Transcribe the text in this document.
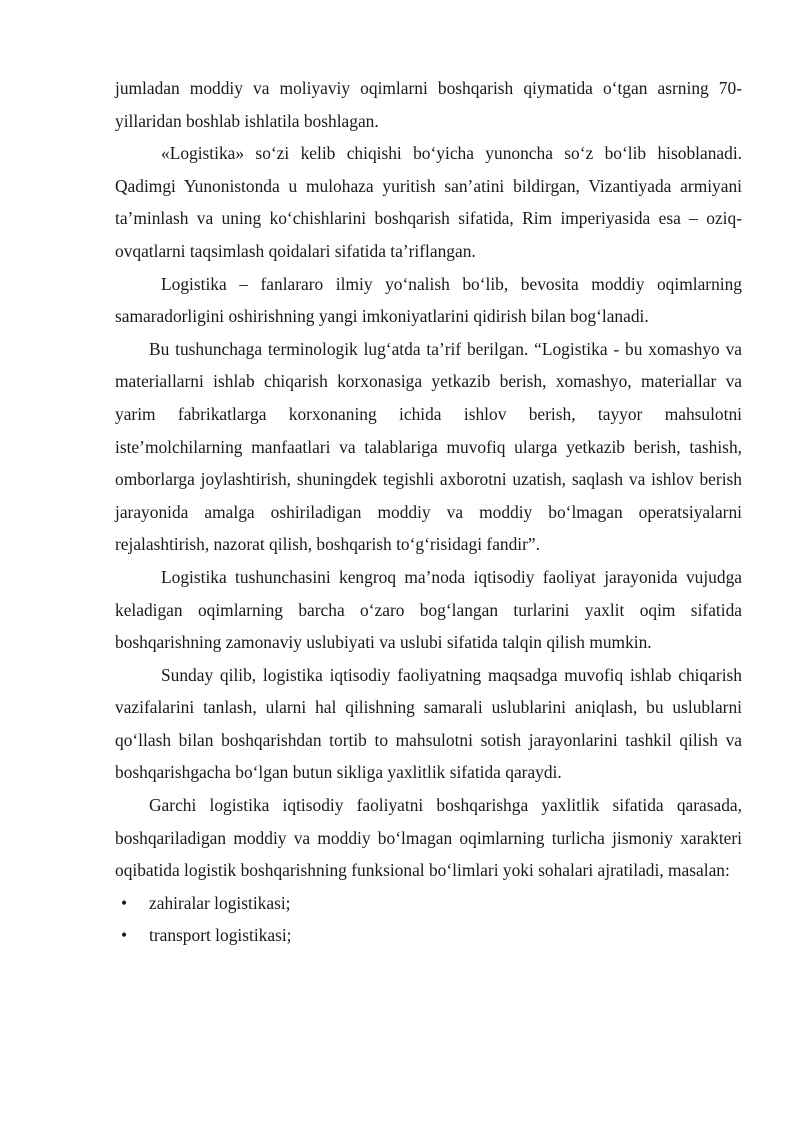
jumladan moddiy va moliyaviy oqimlarni boshqarish qiymatida o‘tgan asrning 70-yillaridan boshlab ishlatila boshlagan.

«Logistika» so‘zi kelib chiqishi bo‘yicha yunoncha so‘z bo‘lib hisoblanadi. Qadimgi Yunonistonda u mulohaza yuritish san’atini bildirgan, Vizantiyada armiyani ta’minlash va uning ko‘chishlarini boshqarish sifatida, Rim imperiyasida esa – oziq-ovqatlarni taqsimlash qoidalari sifatida ta’riflangan.

Logistika – fanlararo ilmiy yo‘nalish bo‘lib, bevosita moddiy oqimlarning samaradorligini oshirishning yangi imkoniyatlarini qidirish bilan bog‘lanadi.

Bu tushunchaga terminologik lug‘atda ta’rif berilgan. “Logistika - bu xomashyo va materiallarni ishlab chiqarish korxonasiga yetkazib berish, xomashyo, materiallar va yarim fabrikatlarga korxonaning ichida ishlov berish, tayyor mahsulotni iste’molchilarning manfaatlari va talablariga muvofiq ularga yetkazib berish, tashish, omborlarga joylashtirish, shuningdek tegishli axborotni uzatish, saqlash va ishlov berish jarayonida amalga oshiriladigan moddiy va moddiy bo‘lmagan operatsiyalarni rejalashtirish, nazorat qilish, boshqarish to‘g‘risidagi fandir”.

Logistika tushunchasini kengroq ma’noda iqtisodiy faoliyat jarayonida vujudga keladigan oqimlarning barcha o‘zaro bog‘langan turlarini yaxlit oqim sifatida boshqarishning zamonaviy uslubiyati va uslubi sifatida talqin qilish mumkin.

Sunday qilib, logistika iqtisodiy faoliyatning maqsadga muvofiq ishlab chiqarish vazifalarini tanlash, ularni hal qilishning samarali uslublarini aniqlash, bu uslublarni qo‘llash bilan boshqarishdan tortib to mahsulotni sotish jarayonlarini tashkil qilish va boshqarishgacha bo‘lgan butun sikliga yaxlitlik sifatida qaraydi.

Garchi logistika iqtisodiy faoliyatni boshqarishga yaxlitlik sifatida qarasada, boshqariladigan moddiy va moddiy bo‘lmagan oqimlarning turlicha jismoniy xarakteri oqibatida logistik boshqarishning funksional bo‘limlari yoki sohalari ajratiladi, masalan:

•	zahiralar logistikasi;
•	transport logistikasi;
